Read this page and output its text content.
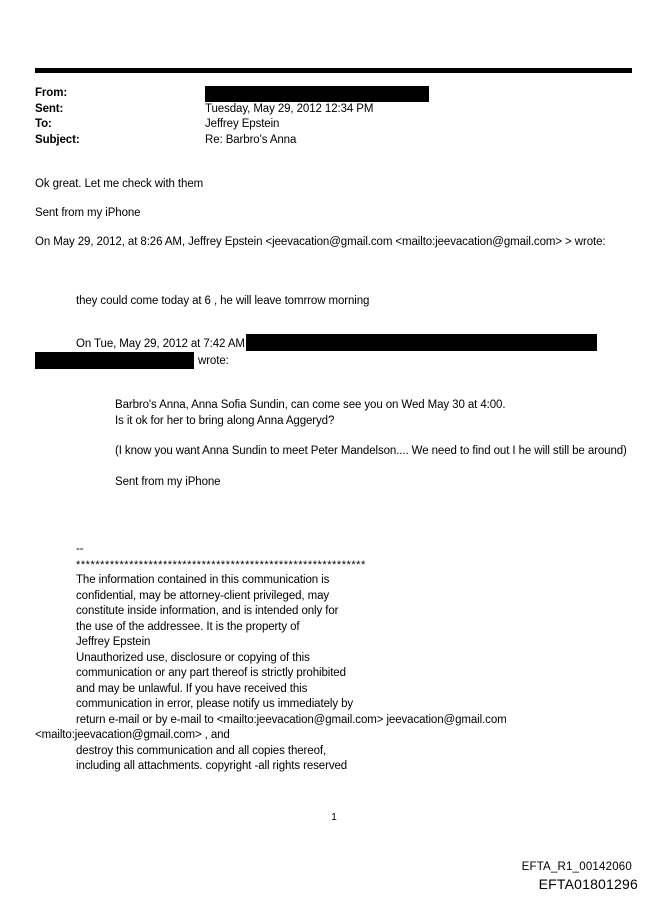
From:
Sent:	Tuesday, May 29, 2012 12:34 PM
To:	Jeffrey Epstein
Subject:	Re: Barbro's Anna
Ok great. Let me check with them
Sent from my iPhone
On May 29, 2012, at 8:26 AM, Jeffrey Epstein <jeevacation@gmail.com <mailto:jeevacation@gmail.com> > wrote:
they could come today at 6 , he will leave tomrrow morning
On Tue, May 29, 2012 at 7:42 AM
wrote:
Barbro's Anna, Anna Sofia Sundin, can come see you on Wed May 30 at 4:00.
Is it ok for her to bring along Anna Aggeryd?
(I know you want Anna Sundin to meet Peter Mandelson.... We need to find out I he will still be around)
Sent from my iPhone
--
************************************************************
The information contained in this communication is
confidential, may be attorney-client privileged, may
constitute inside information, and is intended only for
the use of the addressee. It is the property of
Jeffrey Epstein
Unauthorized use, disclosure or copying of this
communication or any part thereof is strictly prohibited
and may be unlawful. If you have received this
communication in error, please notify us immediately by
return e-mail or by e-mail to <mailto:jeevacation@gmail.com> jeevacation@gmail.com
<mailto:jeevacation@gmail.com> , and
destroy this communication and all copies thereof,
including all attachments. copyright -all rights reserved
1
EFTA_R1_00142060
EFTA01801296
